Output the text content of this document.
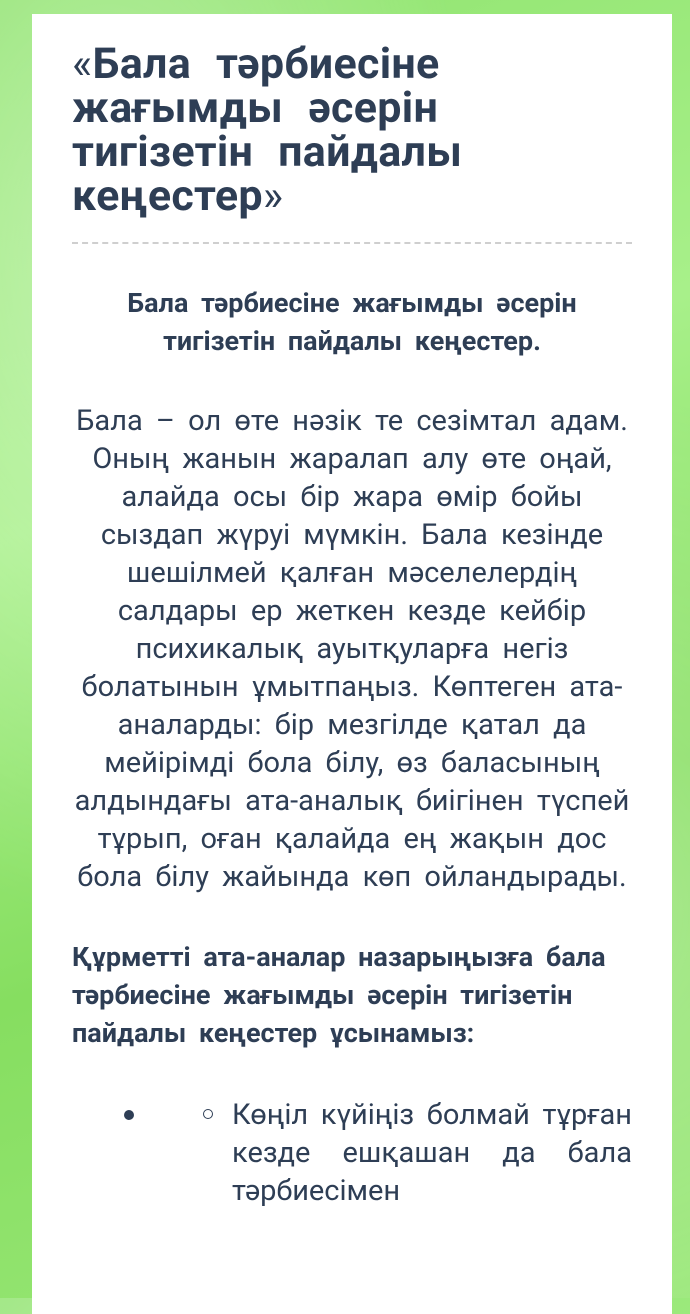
«Бала тәрбиесіне жағымды әсерін тигізетін пайдалы кеңестер»

Бала тәрбиесіне жағымды әсерін тигізетін пайдалы кеңестер.

Бала – ол өте нәзік те сезімтал адам. Оның жанын жаралап алу өте оңай, алайда осы бір жара өмір бойы сыздап жүруі мүмкін. Бала кезінде шешілмей қалған мәселелердің салдары ер жеткен кезде кейбір психикалық ауытқуларға негіз болатынын ұмытпаңыз. Көптеген ата-аналарды: бір мезгілде қатал да мейірімді бола білу, өз баласының алдындағы ата-аналық биігінен түспей тұрып, оған қалайда ең жақын дос бола білу жайында көп ойландырады.

Құрметті ата-аналар назарыңызға бала тәрбиесіне жағымды әсерін тигізетін пайдалы кеңестер ұсынамыз:

Көңіл күйіңіз болмай тұрған кезде ешқашан да бала тәрбиесімен
